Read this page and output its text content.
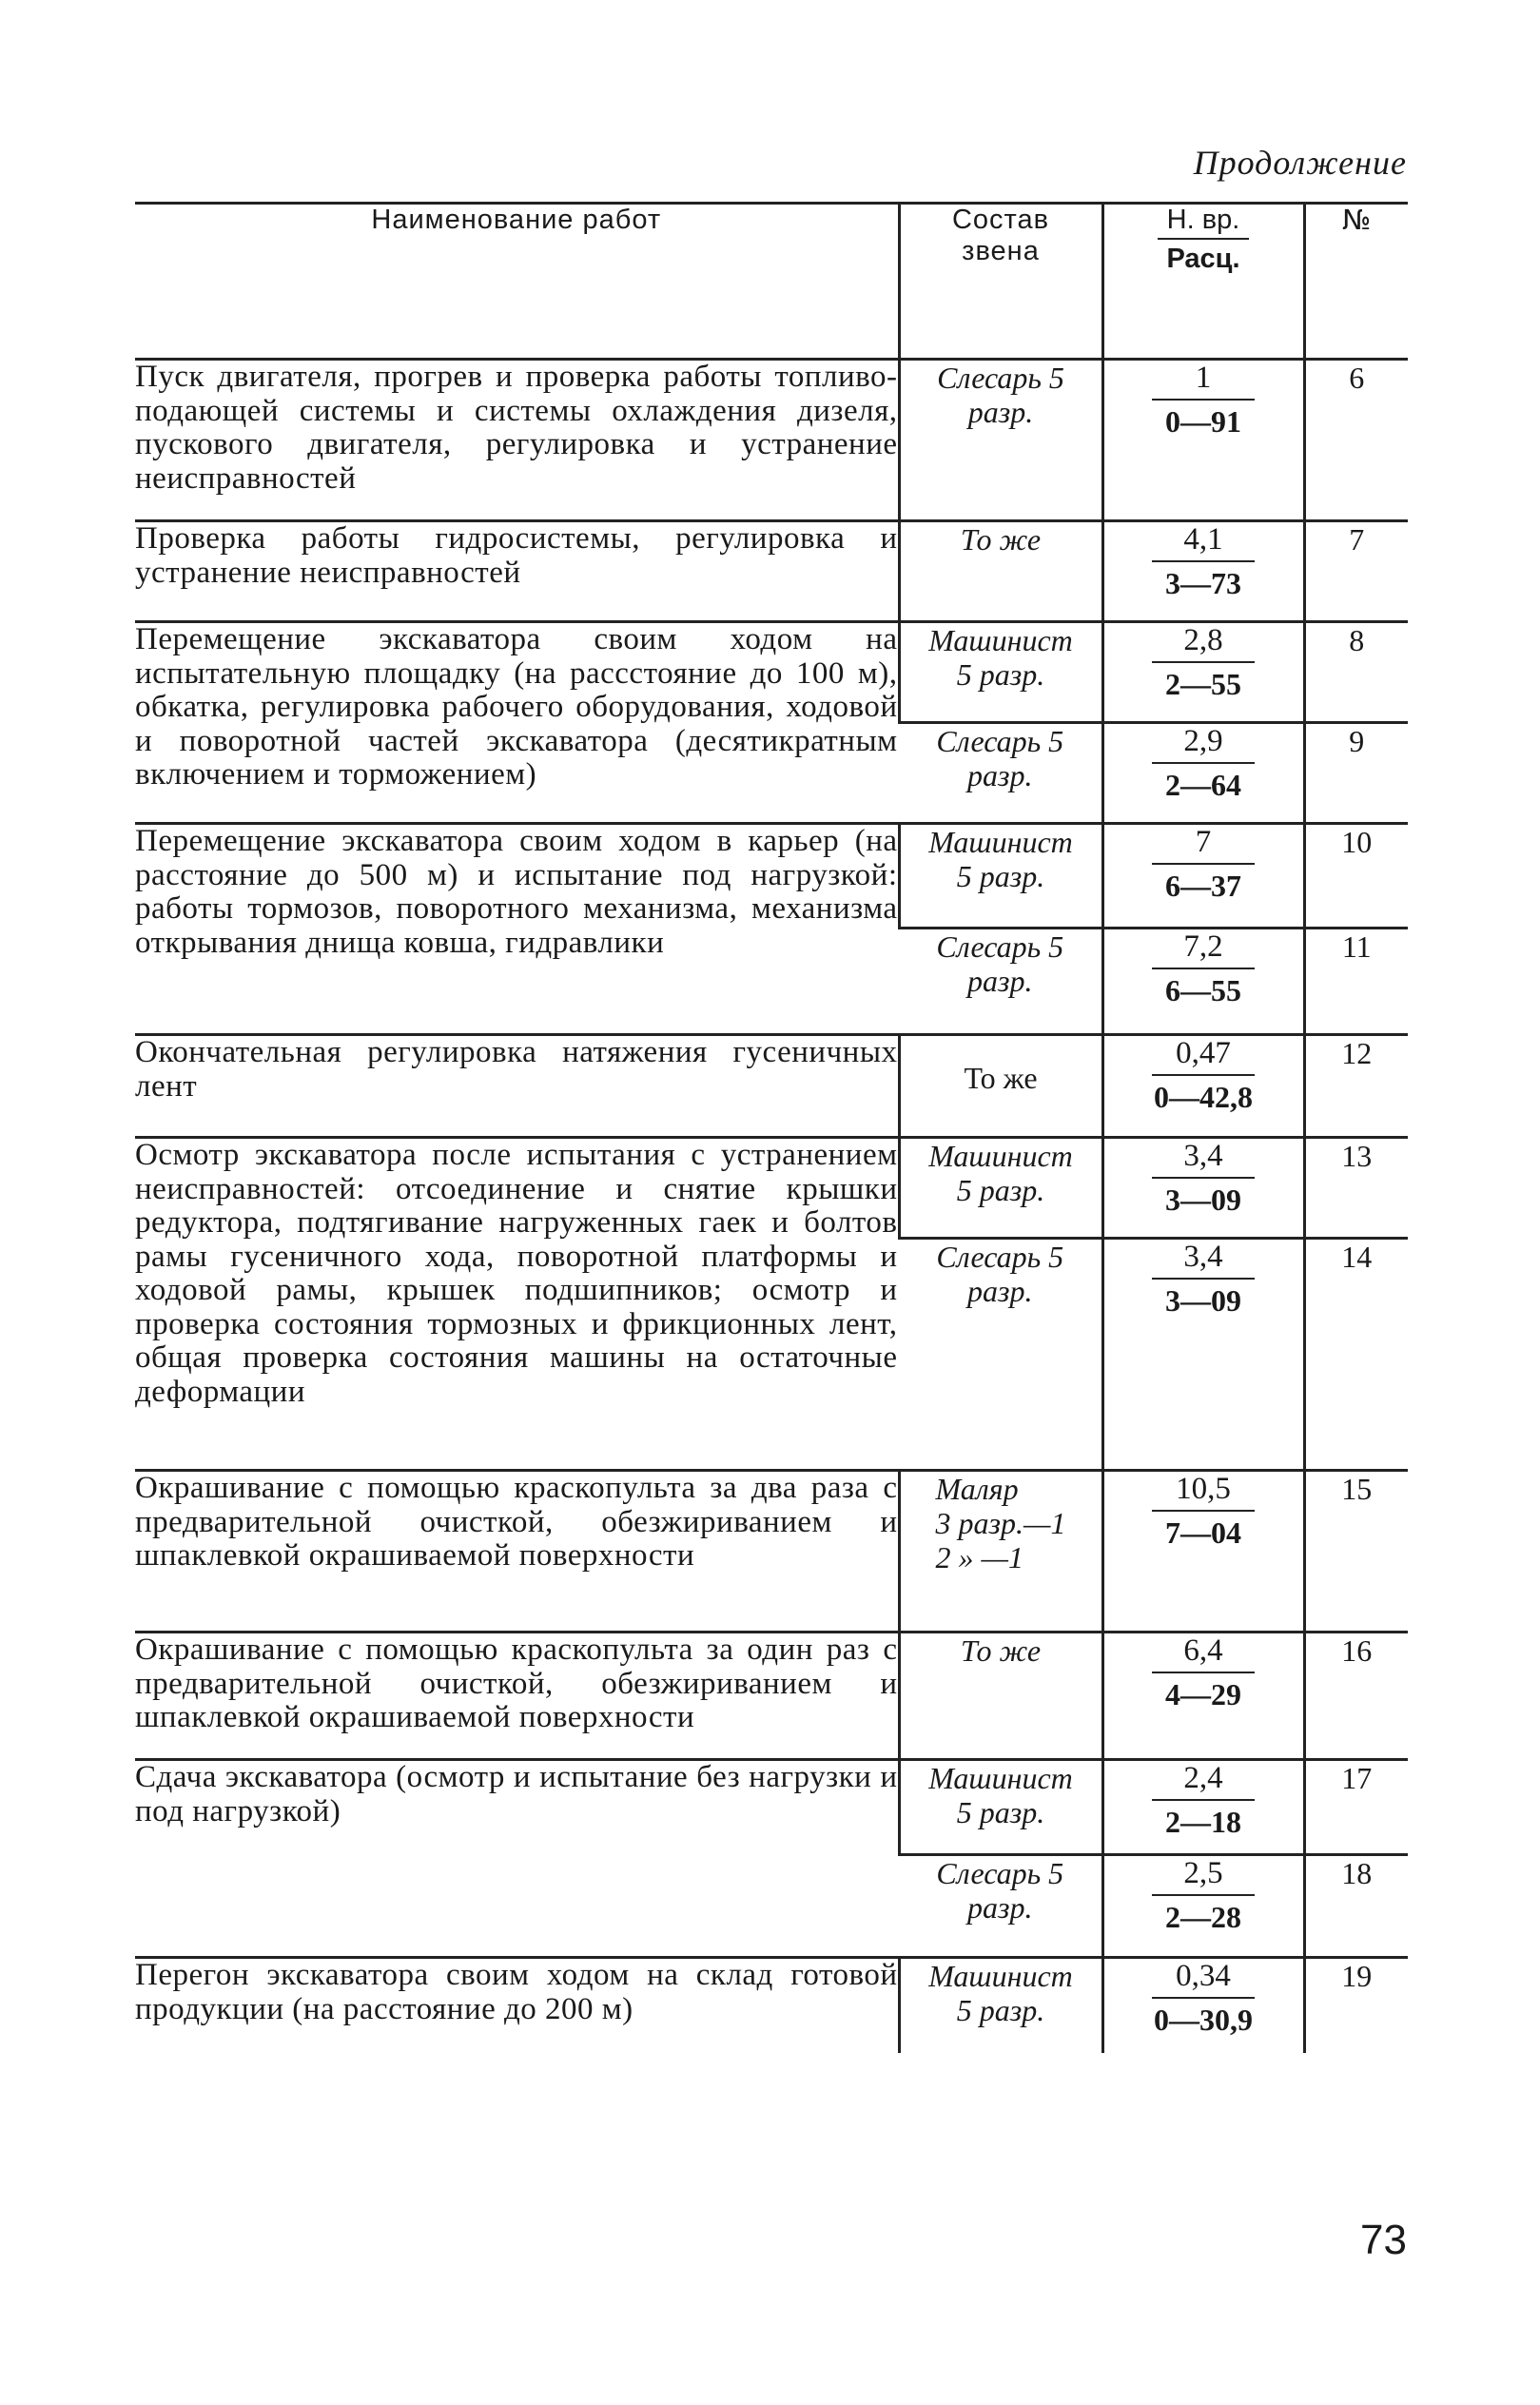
Продолжение
Наименование работ	Состав звена	$\frac{Н. вр.}{\text{Расц.}}$	№
Пуск двигателя, прогрев и проверка работы топливо-подающей системы и системы охлаждения дизеля, пускового двигателя, регулировка и устранение неисправностей	Слесарь 5 разр.	$\frac{1}{0—91}$	6
Проверка работы гидросистемы, регулировка и устранение неисправностей	То же	$\frac{4,1}{3—73}$	7
Перемещение экскаватора своим ходом на испытательную площадку (на расcстояние до 100 м), обкатка, регулировка рабочего оборудования, ходовой и поворотной частей экскаватора (десятикратным включением и торможением)	Машинист 5 разр.	$\frac{2,8}{2—55}$	8
	Слесарь 5 разр.	$\frac{2,9}{2—64}$	9
Перемещение экскаватора своим ходом в карьер (на расстояние до 500 м) и испытание под нагрузкой: работы тормозов, поворотного механизма, механизма открывания днища ковша, гидравлики	Машинист 5 разр.	$\frac{7}{6—37}$	10
	Слесарь 5 разр.	$\frac{7,2}{6—55}$	11
Окончательная регулировка натяжения гусеничных лент	То же	$\frac{0,47}{0—42,8}$	12
Осмотр экскаватора после испытания с устранением неисправностей: отсоединение и снятие крышки редуктора, подтягивание нагруженных гаек и болтов рамы гусеничного хода, поворотной платформы и ходовой рамы, крышек подшипников; осмотр и проверка состояния тормозных и фрикционных лент, общая проверка состояния машины на остаточные деформации	Машинист 5 разр.	$\frac{3,4}{3—09}$	13
	Слесарь 5 разр.	$\frac{3,4}{3—09}$	14
Окрашивание с помощью краскопульта за два раза с предварительной очисткой, обезжириванием и шпаклевкой окрашиваемой поверхности	Маляр
3 разр.—1
2 » —1	$\frac{10,5}{7—04}$	15
Окрашивание с помощью краскопульта за один раз с предварительной очисткой, обезжириванием и шпаклевкой окрашиваемой поверхности	То же	$\frac{6,4}{4—29}$	16
Сдача экскаватора (осмотр и испытание без нагрузки и под нагрузкой)	Машинист 5 разр.	$\frac{2,4}{2—18}$	17
	Слесарь 5 разр.	$\frac{2,5}{2—28}$	18
Перегон экскаватора своим ходом на склад готовой продукции (на расстояние до 200 м)	Машинист 5 разр.	$\frac{0,34}{0—30,9}$	19
73
